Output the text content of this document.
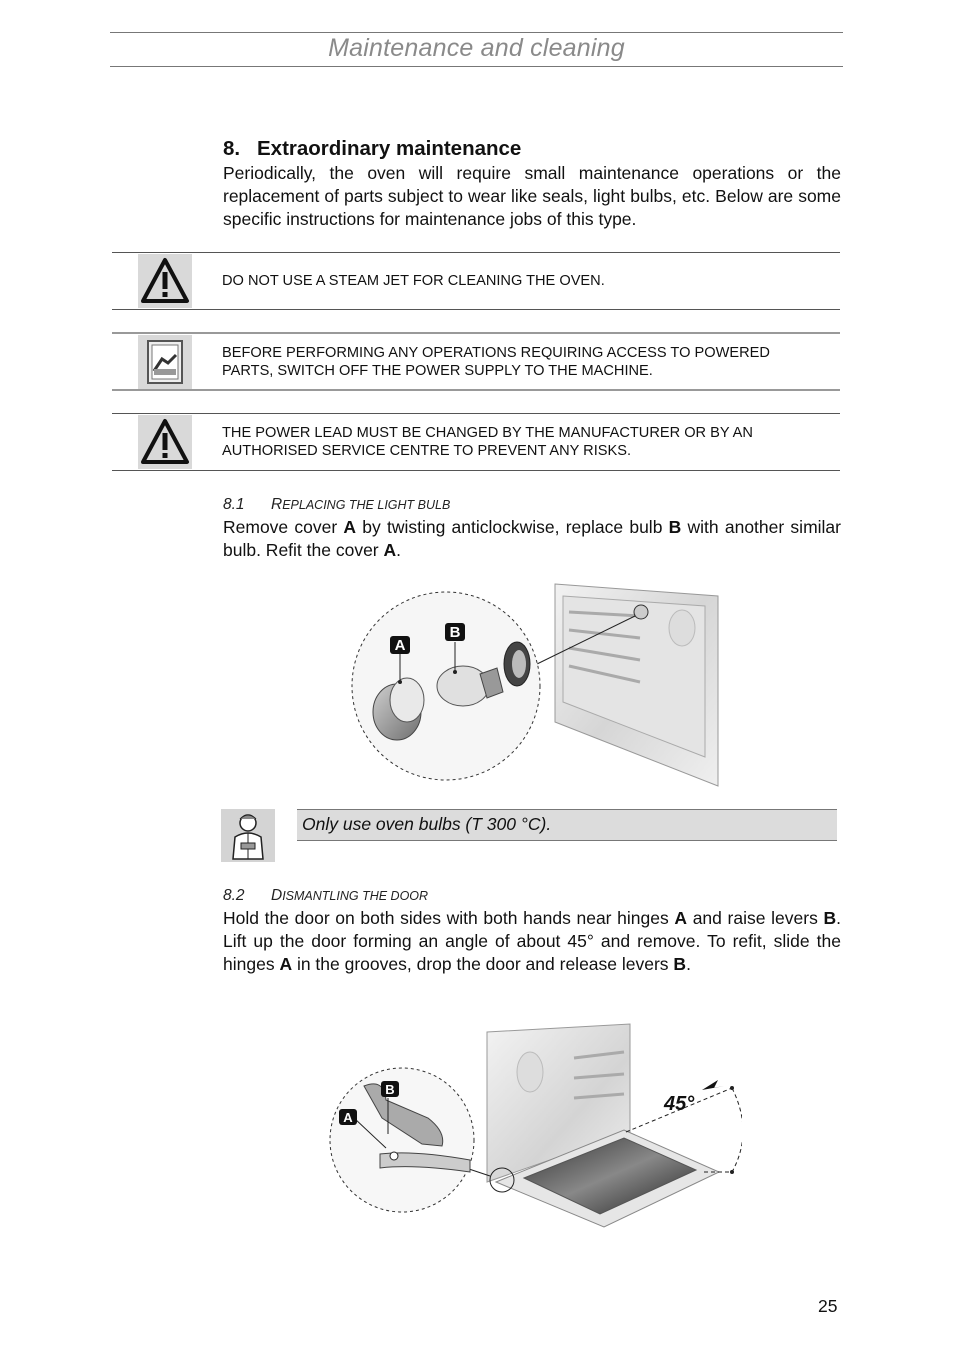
Maintenance and cleaning
8. Extraordinary maintenance
Periodically, the oven will require small maintenance operations or the replacement of parts subject to wear like seals, light bulbs, etc. Below are some specific instructions for maintenance jobs of this type.
DO NOT USE A STEAM JET FOR CLEANING THE OVEN.
BEFORE PERFORMING ANY OPERATIONS REQUIRING ACCESS TO POWERED
PARTS, SWITCH OFF THE POWER SUPPLY TO THE MACHINE.
THE POWER LEAD MUST BE CHANGED BY THE MANUFACTURER OR BY AN
AUTHORISED SERVICE CENTRE TO PREVENT ANY RISKS.
8.1 REPLACING THE LIGHT BULB
Remove cover A by twisting anticlockwise, replace bulb B with another similar bulb. Refit the cover A.
A
B
Only use oven bulbs (T 300 °C).
8.2 DISMANTLING THE DOOR
Hold the door on both sides with both hands near hinges A and raise levers B. Lift up the door forming an angle of about 45° and remove. To refit, slide the hinges A in the grooves, drop the door and release levers B.
45°
A
B
25
